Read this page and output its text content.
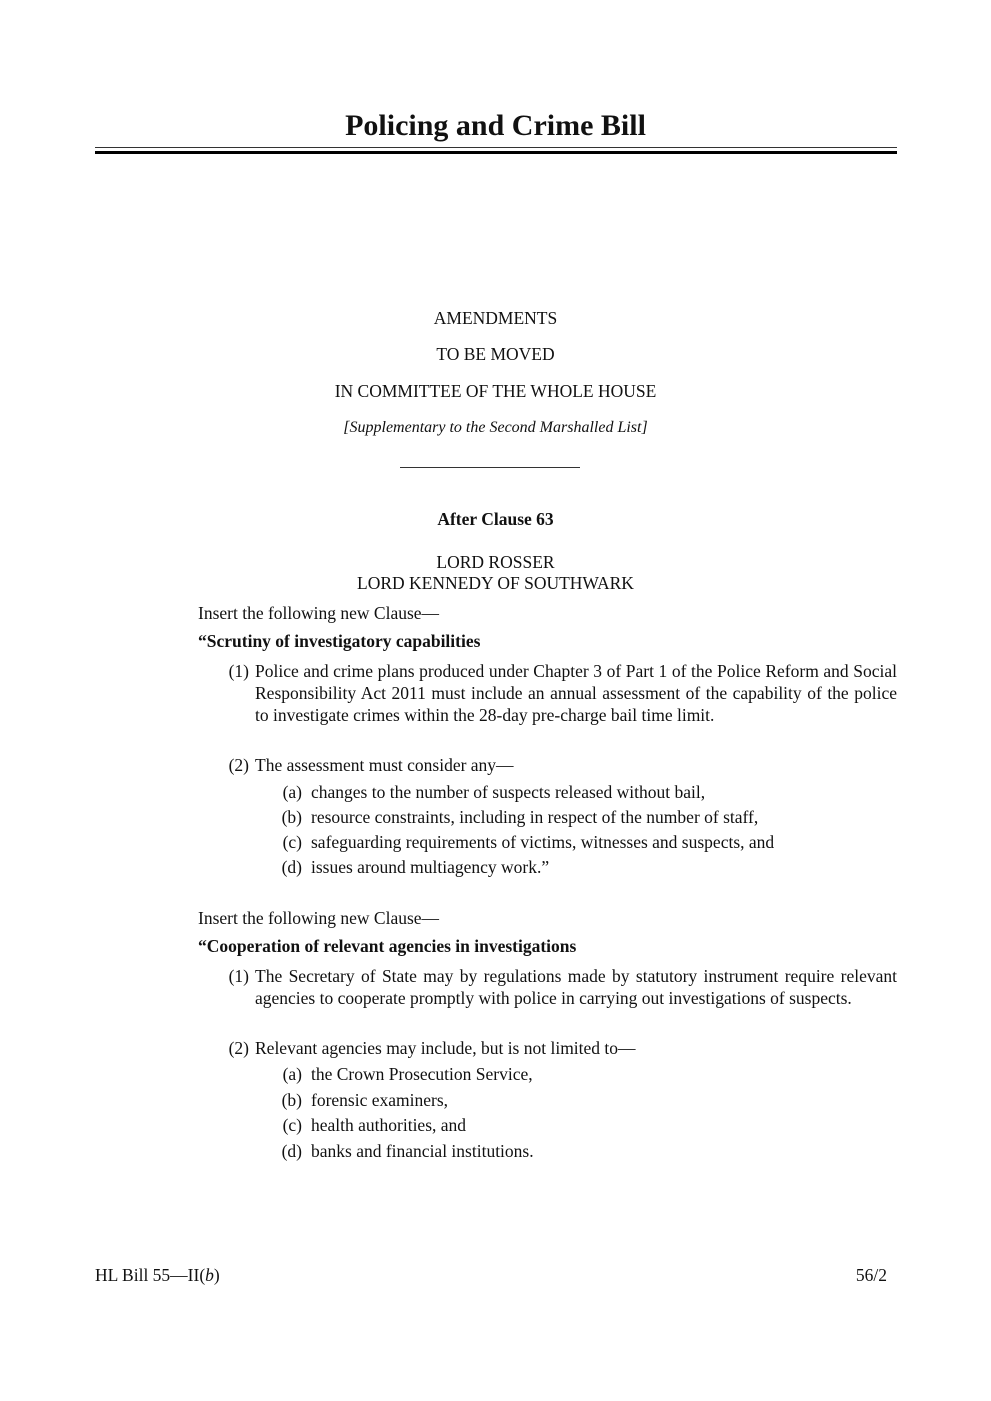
Policing and Crime Bill
AMENDMENTS
TO BE MOVED
IN COMMITTEE OF THE WHOLE HOUSE
[Supplementary to the Second Marshalled List]
After Clause 63
LORD ROSSER
LORD KENNEDY OF SOUTHWARK
Insert the following new Clause—
“Scrutiny of investigatory capabilities
(1) Police and crime plans produced under Chapter 3 of Part 1 of the Police Reform and Social Responsibility Act 2011 must include an annual assessment of the capability of the police to investigate crimes within the 28-day pre-charge bail time limit.
(2) The assessment must consider any—
(a) changes to the number of suspects released without bail,
(b) resource constraints, including in respect of the number of staff,
(c) safeguarding requirements of victims, witnesses and suspects, and
(d) issues around multiagency work.”
Insert the following new Clause—
“Cooperation of relevant agencies in investigations
(1) The Secretary of State may by regulations made by statutory instrument require relevant agencies to cooperate promptly with police in carrying out investigations of suspects.
(2) Relevant agencies may include, but is not limited to—
(a) the Crown Prosecution Service,
(b) forensic examiners,
(c) health authorities, and
(d) banks and financial institutions.
HL Bill 55—II(b)	56/2
